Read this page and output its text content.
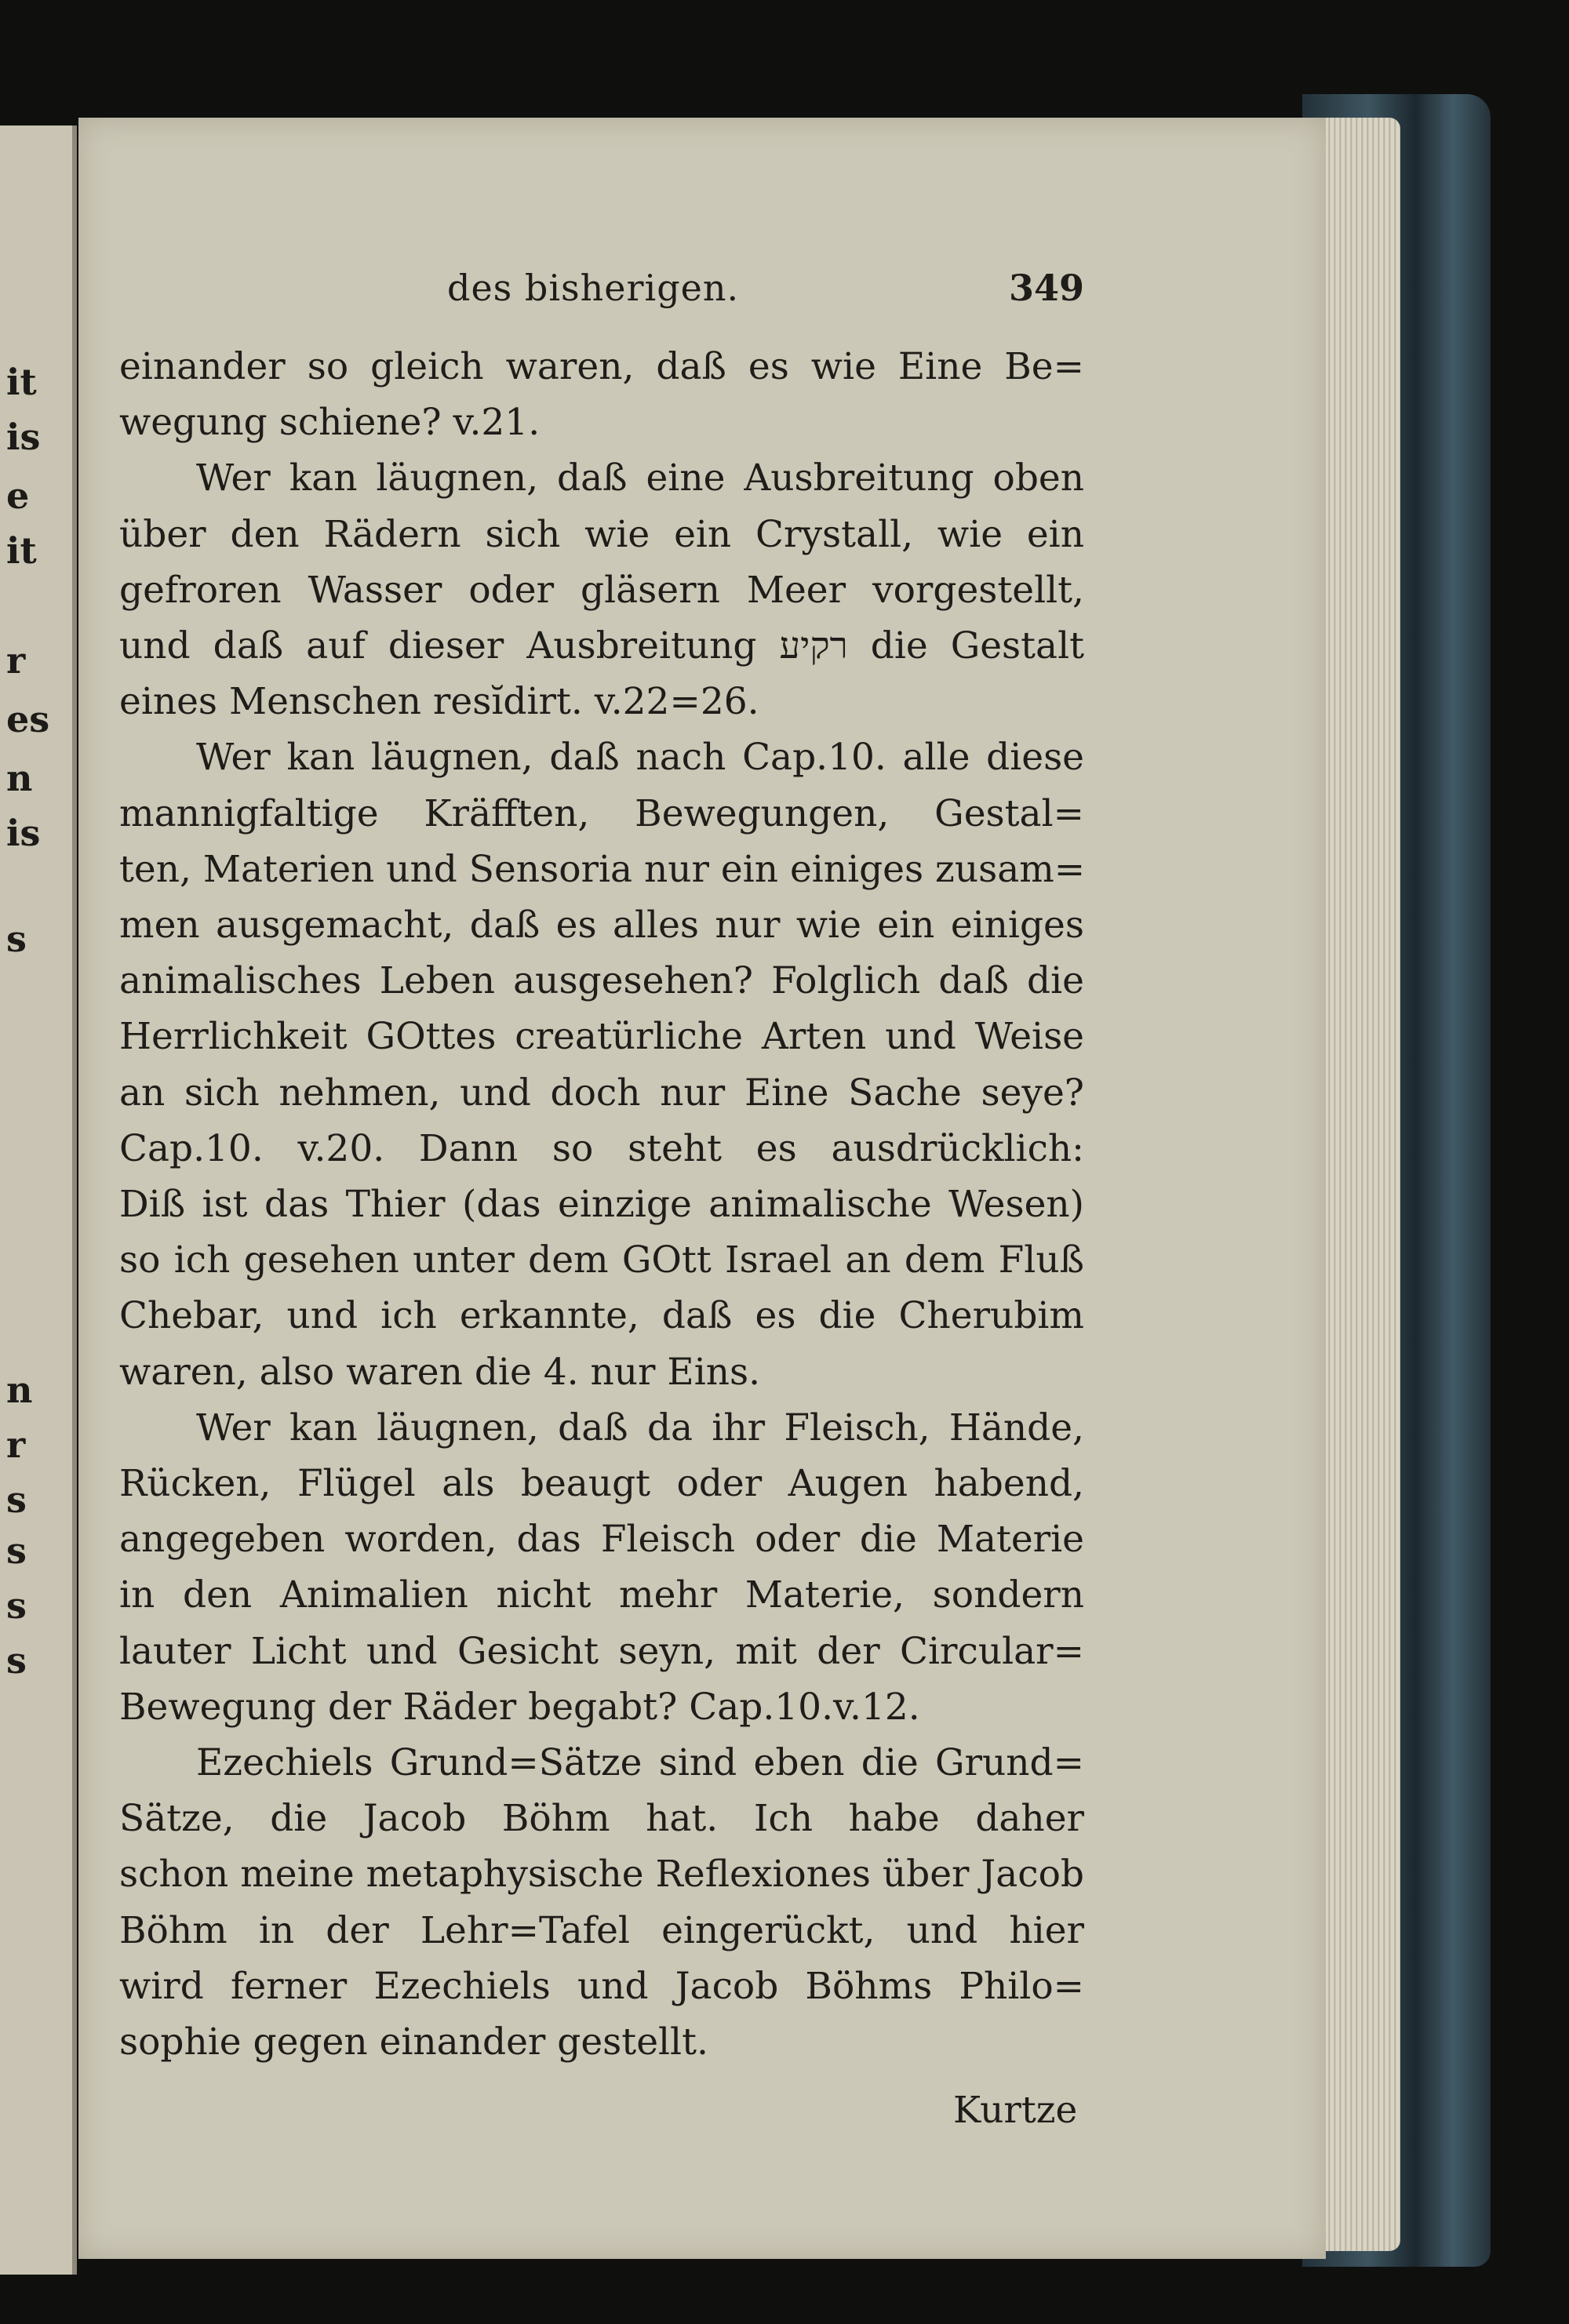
it
is
e
it
r
es
n
is
s
n
r
s
s
s
s
des bisherigen.	349
einander so gleich waren, daß es wie Eine Be=
wegung schiene? v.21.
Wer kan läugnen, daß eine Ausbreitung oben
über den Rädern sich wie ein Crystall, wie ein
gefroren Wasser oder gläsern Meer vorgestellt,
und daß auf dieser Ausbreitung רקיע die Gestalt
eines Menschen resĭdirt. v.22=26.
Wer kan läugnen, daß nach Cap.10. alle diese
mannigfaltige Kräfften, Bewegungen, Gestal=
ten, Materien und Sensoria nur ein einiges zusam=
men ausgemacht, daß es alles nur wie ein einiges
animalisches Leben ausgesehen? Folglich daß die
Herrlichkeit GOttes creatürliche Arten und Weise
an sich nehmen, und doch nur Eine Sache seye?
Cap.10. v.20. Dann so steht es ausdrücklich:
Diß ist das Thier (das einzige animalische Wesen)
so ich gesehen unter dem GOtt Israel an dem Fluß
Chebar, und ich erkannte, daß es die Cherubim
waren, also waren die 4. nur Eins.
Wer kan läugnen, daß da ihr Fleisch, Hände,
Rücken, Flügel als beaugt oder Augen habend,
angegeben worden, das Fleisch oder die Materie
in den Animalien nicht mehr Materie, sondern
lauter Licht und Gesicht seyn, mit der Circular=
Bewegung der Räder begabt? Cap.10.v.12.
Ezechiels Grund=Sätze sind eben die Grund=
Sätze, die Jacob Böhm hat. Ich habe daher
schon meine metaphysische Reflexiones über Jacob
Böhm in der Lehr=Tafel eingerückt, und hier
wird ferner Ezechiels und Jacob Böhms Philo=
sophie gegen einander gestellt.
Kurtze
